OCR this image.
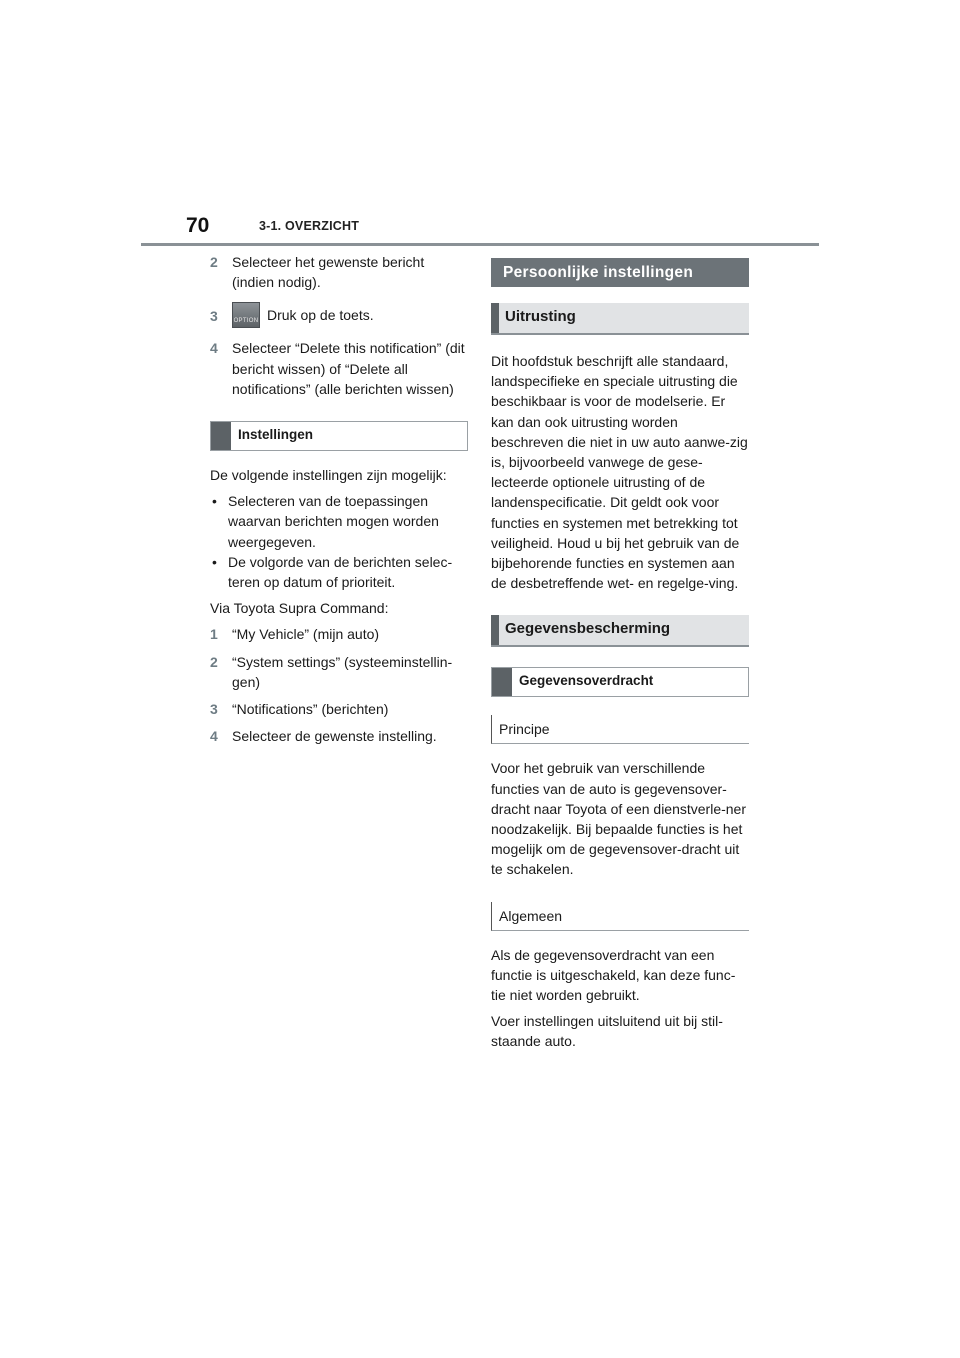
70	3-1. OVERZICHT
2 Selecteer het gewenste bericht (indien nodig).
3	OPTION Druk op de toets.
4 Selecteer “Delete this notification” (dit bericht wissen) of “Delete all notifications” (alle berichten wissen)
Instellingen

De volgende instellingen zijn mogelijk:

• Selecteren van de toepassingen waarvan berichten mogen worden weergegeven.
• De volgorde van de berichten selec-teren op datum of prioriteit.

Via Toyota Supra Command:

1 “My Vehicle” (mijn auto)
2 “System settings” (systeeminstellin-gen)
3 “Notifications” (berichten)
4 Selecteer de gewenste instelling.
Persoonlijke instellingen
Uitrusting

Dit hoofdstuk beschrijft alle standaard, landspecifieke en speciale uitrusting die beschikbaar is voor de modelserie. Er kan dan ook uitrusting worden beschreven die niet in uw auto aanwe-zig is, bijvoorbeeld vanwege de gese-lecteerde optionele uitrusting of de landenspecificatie. Dit geldt ook voor functies en systemen met betrekking tot veiligheid. Houd u bij het gebruik van de bijbehorende functies en systemen aan de desbetreffende wet- en regelge-ving.

Gegevensbescherming
Gegevensoverdracht
Principe

Voor het gebruik van verschillende functies van de auto is gegevensover-dracht naar Toyota of een dienstverle-ner noodzakelijk. Bij bepaalde functies is het mogelijk om de gegevensover-dracht uit te schakelen.

Algemeen

Als de gegevensoverdracht van een functie is uitgeschakeld, kan deze func-tie niet worden gebruikt.

Voer instellingen uitsluitend uit bij stil-staande auto.
